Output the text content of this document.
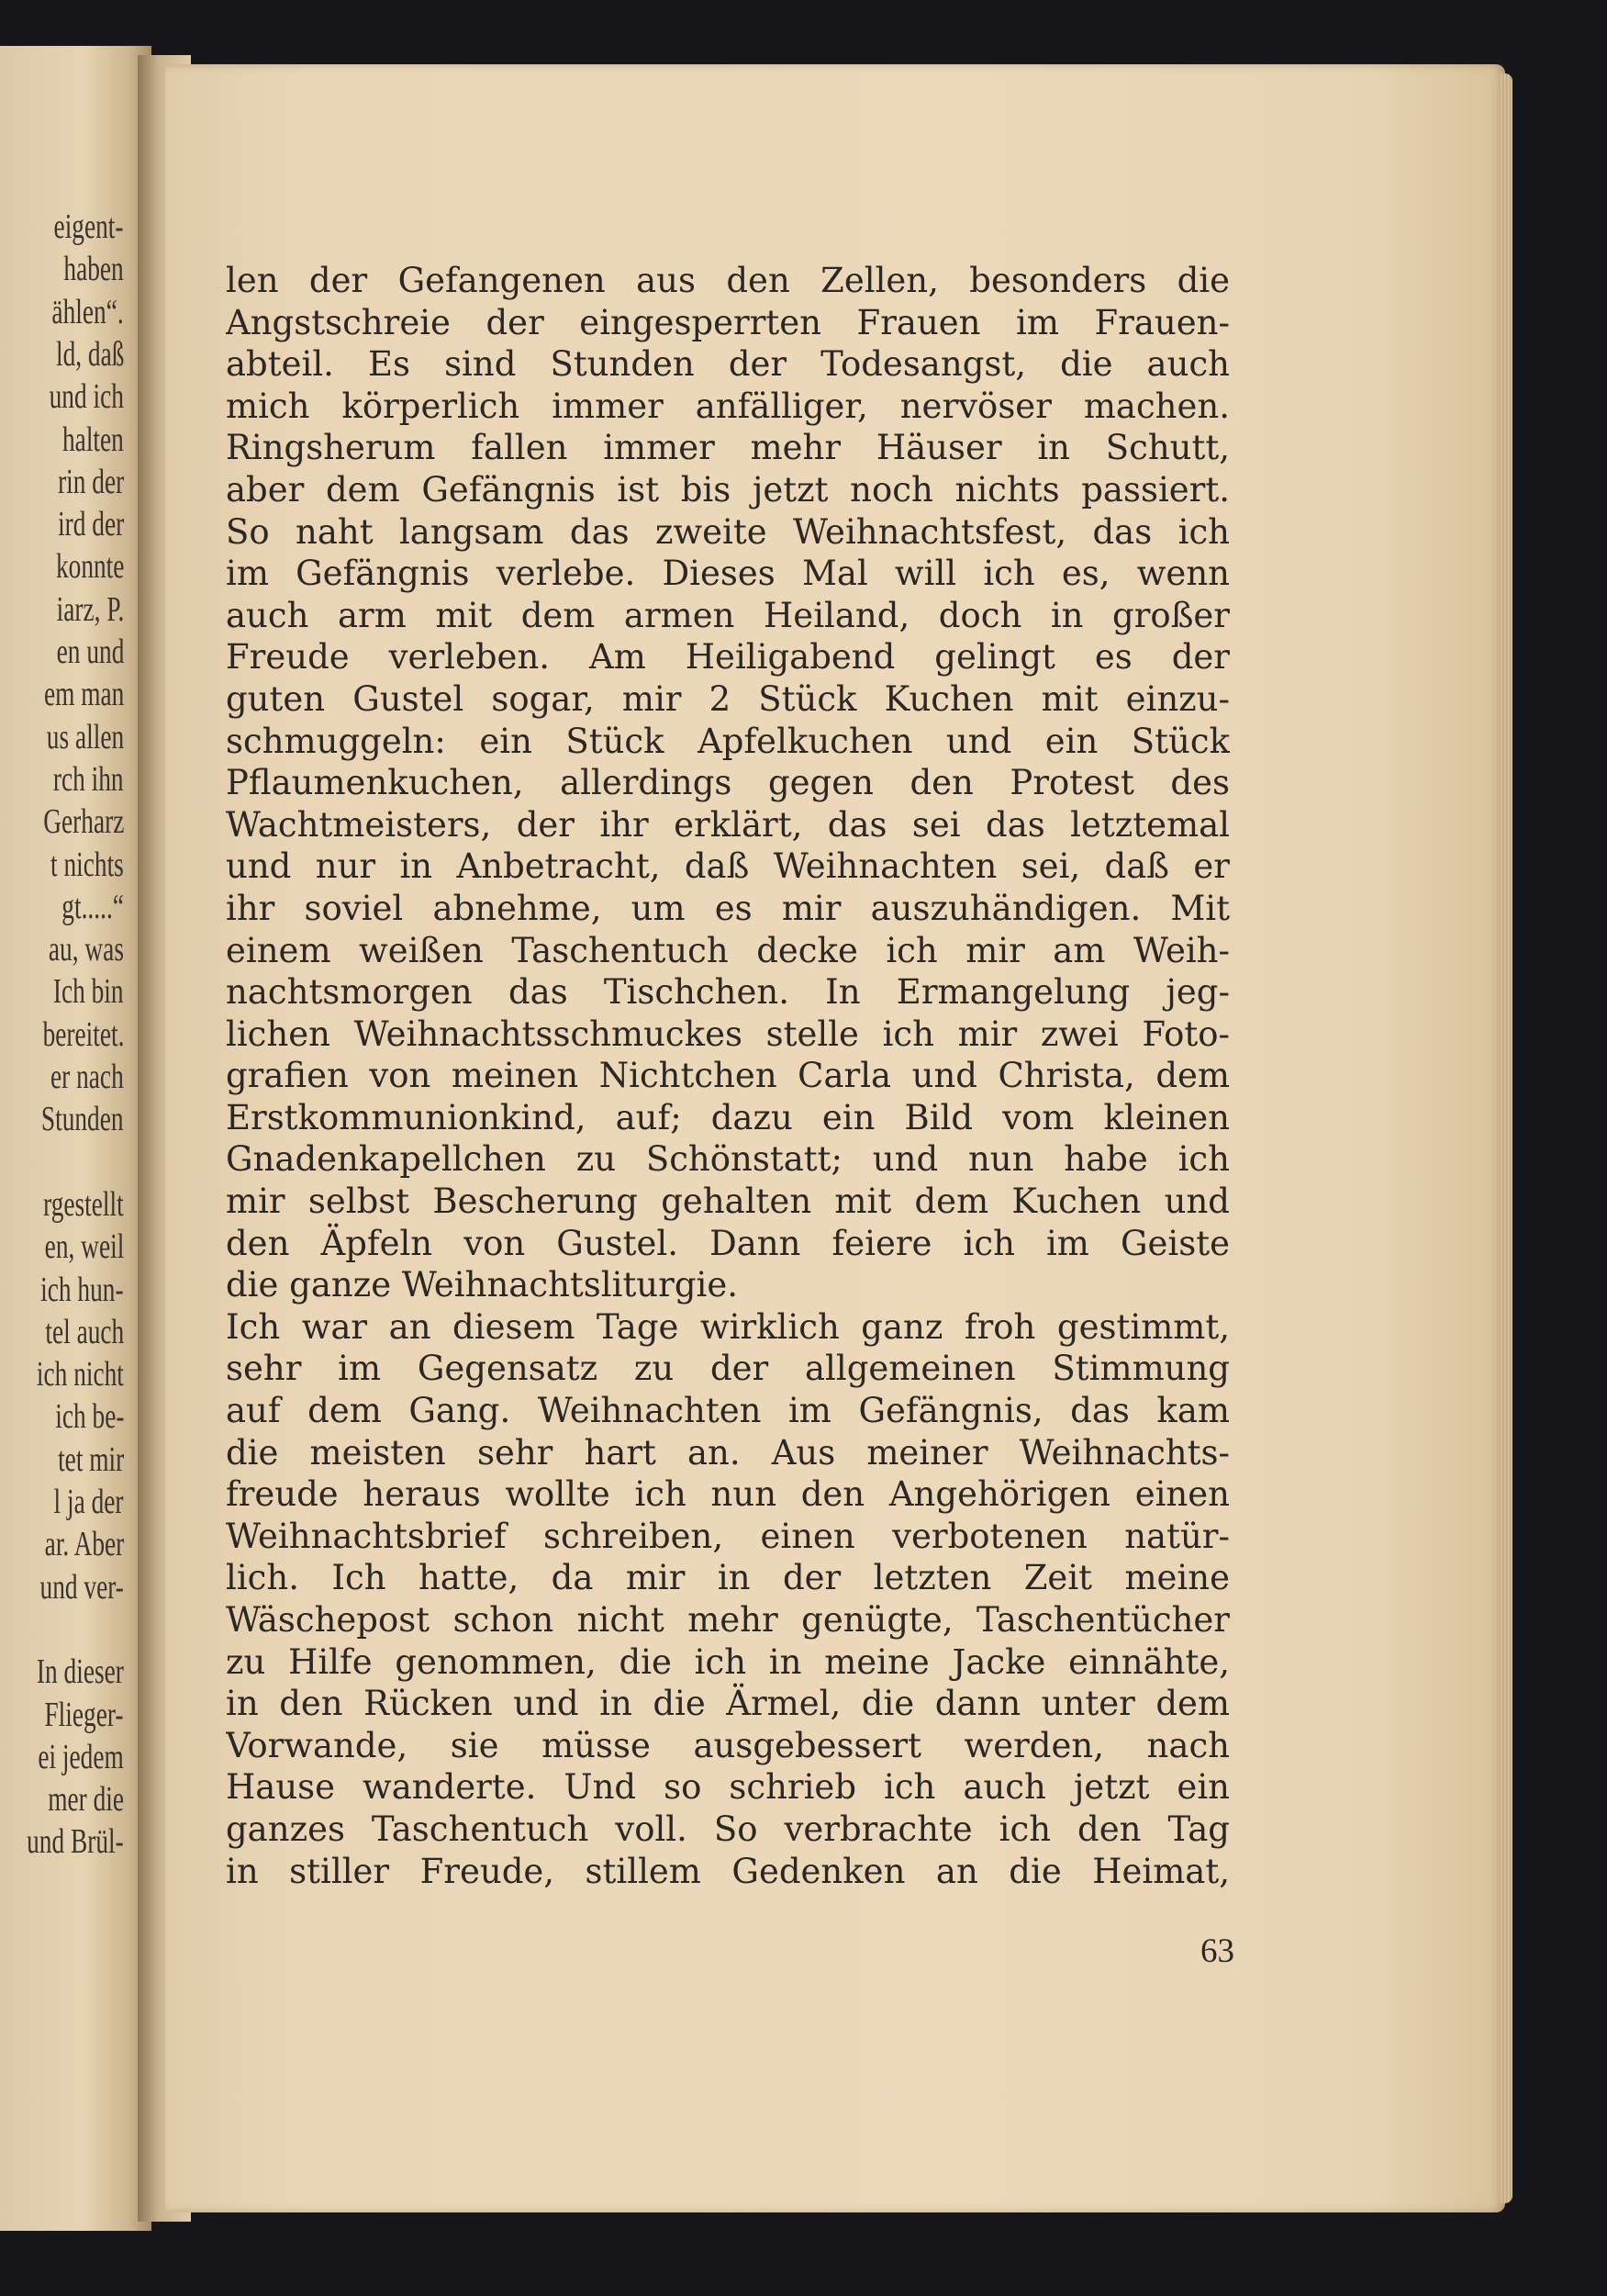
eigent-
haben
ählen“.
ld, daß
und ich
halten
rin der
ird der
konnte
iarz, P.
en und
em man
us allen
rch ihn
Gerharz
t nichts
gt.....“
au, was
Ich bin
bereitet.
er nach
Stunden
rgestellt
en, weil
ich hun-
tel auch
ich nicht
ich be-
tet mir
l ja der
ar. Aber
und ver-
In dieser
Flieger-
ei jedem
mer die
und Brül-
len der Gefangenen aus den Zellen, besonders die
Angstschreie der eingesperrten Frauen im Frauen-
abteil. Es sind Stunden der Todesangst, die auch
mich körperlich immer anfälliger, nervöser machen.
Ringsherum fallen immer mehr Häuser in Schutt,
aber dem Gefängnis ist bis jetzt noch nichts passiert.
So naht langsam das zweite Weihnachtsfest, das ich
im Gefängnis verlebe. Dieses Mal will ich es, wenn
auch arm mit dem armen Heiland, doch in großer
Freude verleben. Am Heiligabend gelingt es der
guten Gustel sogar, mir 2 Stück Kuchen mit einzu-
schmuggeln: ein Stück Apfelkuchen und ein Stück
Pflaumenkuchen, allerdings gegen den Protest des
Wachtmeisters, der ihr erklärt, das sei das letztemal
und nur in Anbetracht, daß Weihnachten sei, daß er
ihr soviel abnehme, um es mir auszuhändigen. Mit
einem weißen Taschentuch decke ich mir am Weih-
nachtsmorgen das Tischchen. In Ermangelung jeg-
lichen Weihnachtsschmuckes stelle ich mir zwei Foto-
grafien von meinen Nichtchen Carla und Christa, dem
Erstkommunionkind, auf; dazu ein Bild vom kleinen
Gnadenkapellchen zu Schönstatt; und nun habe ich
mir selbst Bescherung gehalten mit dem Kuchen und
den Äpfeln von Gustel. Dann feiere ich im Geiste
die ganze Weihnachtsliturgie.
Ich war an diesem Tage wirklich ganz froh gestimmt,
sehr im Gegensatz zu der allgemeinen Stimmung
auf dem Gang. Weihnachten im Gefängnis, das kam
die meisten sehr hart an. Aus meiner Weihnachts-
freude heraus wollte ich nun den Angehörigen einen
Weihnachtsbrief schreiben, einen verbotenen natür-
lich. Ich hatte, da mir in der letzten Zeit meine
Wäschepost schon nicht mehr genügte, Taschentücher
zu Hilfe genommen, die ich in meine Jacke einnähte,
in den Rücken und in die Ärmel, die dann unter dem
Vorwande, sie müsse ausgebessert werden, nach
Hause wanderte. Und so schrieb ich auch jetzt ein
ganzes Taschentuch voll. So verbrachte ich den Tag
in stiller Freude, stillem Gedenken an die Heimat,
63
